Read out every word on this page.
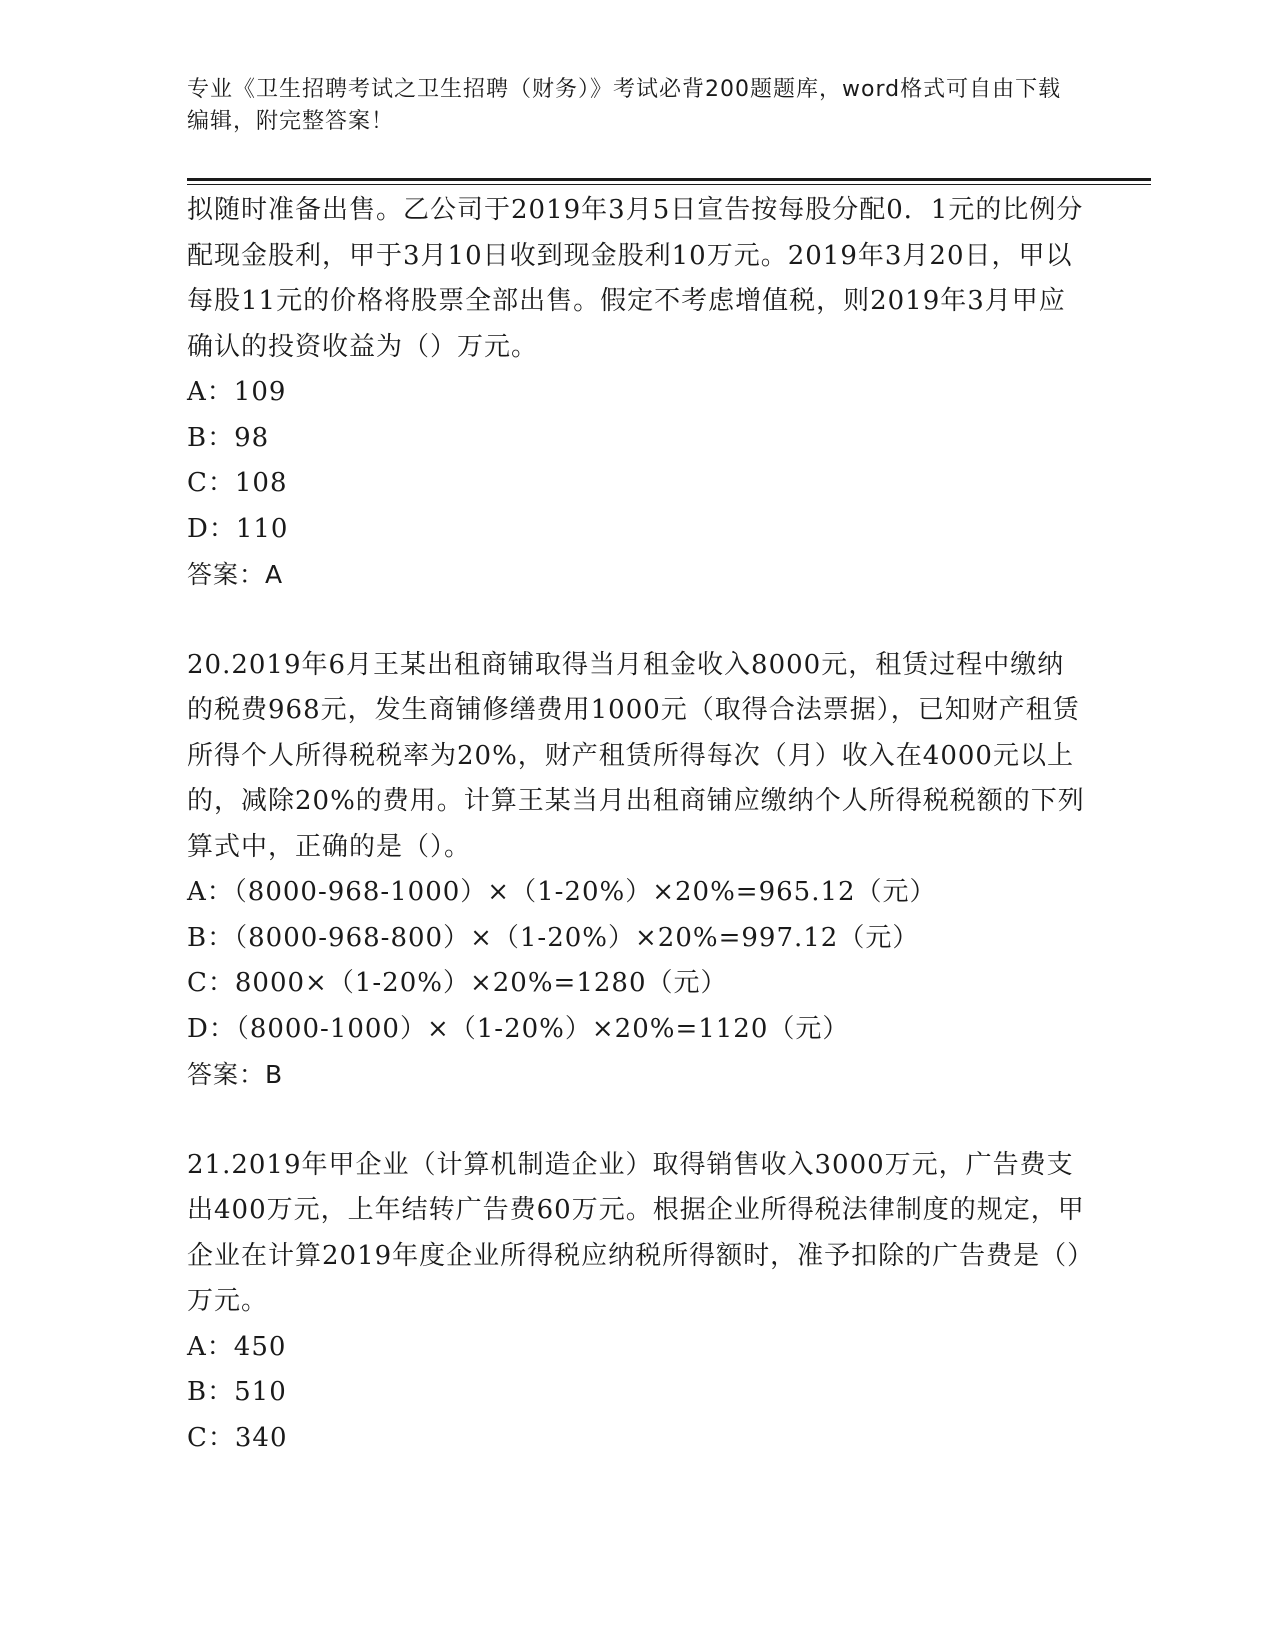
专业《卫生招聘考试之卫生招聘（财务）》考试必背200题题库，word格式可自由下载编辑，附完整答案！

拟随时准备出售。乙公司于2019年3月5日宣告按每股分配0．1元的比例分配现金股利，甲于3月10日收到现金股利10万元。2019年3月20日，甲以每股11元的价格将股票全部出售。假定不考虑增值税，则2019年3月甲应确认的投资收益为（）万元。

A：109

B：98

C：108

D：110

答案：A

20.2019年6月王某出租商铺取得当月租金收入8000元，租赁过程中缴纳的税费968元，发生商铺修缮费用1000元（取得合法票据），已知财产租赁所得个人所得税税率为20%，财产租赁所得每次（月）收入在4000元以上的，减除20%的费用。计算王某当月出租商铺应缴纳个人所得税税额的下列算式中，正确的是（）。

A：（8000-968-1000）×（1-20%）×20%=965.12（元）

B：（8000-968-800）×（1-20%）×20%=997.12（元）

C：8000×（1-20%）×20%=1280（元）

D：（8000-1000）×（1-20%）×20%=1120（元）

答案：B

21.2019年甲企业（计算机制造企业）取得销售收入3000万元，广告费支出400万元，上年结转广告费60万元。根据企业所得税法律制度的规定，甲企业在计算2019年度企业所得税应纳税所得额时，准予扣除的广告费是（）万元。

A：450

B：510

C：340
